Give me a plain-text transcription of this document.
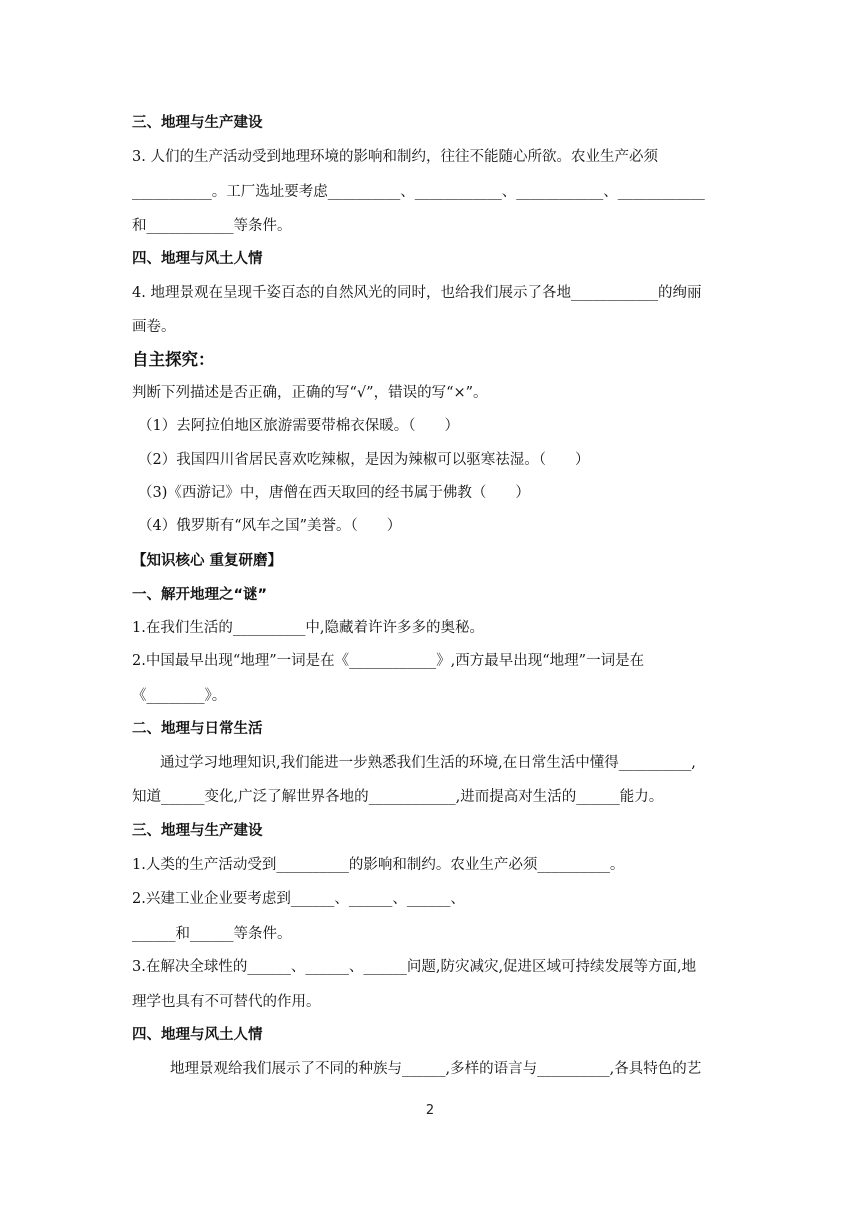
三、地理与生产建设
3. 人们的生产活动受到地理环境的影响和制约，往往不能随心所欲。农业生产必须
___________。工厂选址要考虑__________、____________、____________、____________
和____________等条件。
四、地理与风土人情
4. 地理景观在呈现千姿百态的自然风光的同时，也给我们展示了各地____________的绚丽
画卷。
自主探究：
判断下列描述是否正确，正确的写“√”，错误的写“×”。
（1）去阿拉伯地区旅游需要带棉衣保暖。（　　）
（2）我国四川省居民喜欢吃辣椒，是因为辣椒可以驱寒祛湿。（　　）
（3)《西游记》中，唐僧在西天取回的经书属于佛教（　　）
（4）俄罗斯有“风车之国”美誉。（　　）
【知识核心 重复研磨】
一、解开地理之“谜”
1.在我们生活的__________中,隐藏着许许多多的奥秘。
2.中国最早出现“地理”一词是在《____________》,西方最早出现“地理”一词是在
《________》。
二、地理与日常生活
通过学习地理知识,我们能进一步熟悉我们生活的环境,在日常生活中懂得__________,
知道______变化,广泛了解世界各地的____________,进而提高对生活的______能力。
三、地理与生产建设
1.人类的生产活动受到__________的影响和制约。农业生产必须__________。
2.兴建工业企业要考虑到______、______、______、
______和______等条件。
3.在解决全球性的______、______、______问题,防灾减灾,促进区域可持续发展等方面,地
理学也具有不可替代的作用。
四、地理与风土人情
地理景观给我们展示了不同的种族与______,多样的语言与__________,各具特色的艺
2
